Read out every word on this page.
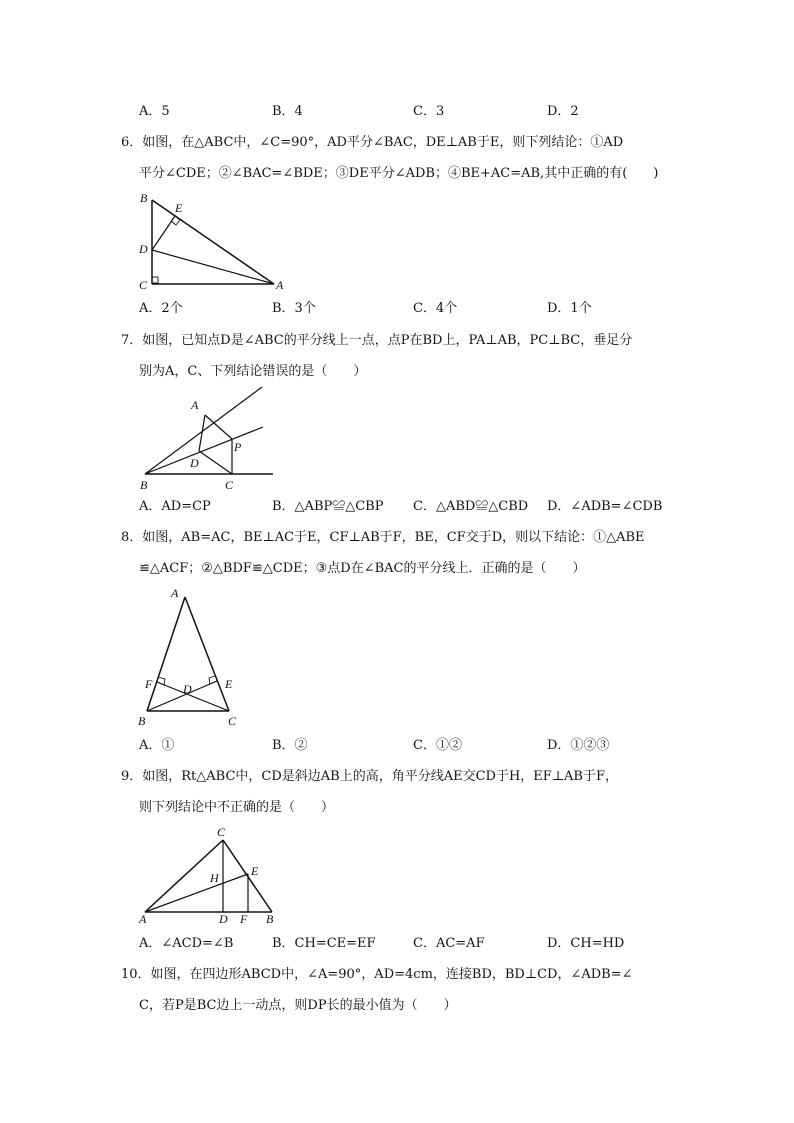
A．5	B．4	C．3	D．2
6．如图，在△ABC中，∠C=90°，AD平分∠BAC，DE⊥AB于E，则下列结论：①AD
平分∠CDE；②∠BAC=∠BDE；③DE平分∠ADB；④BE+AC=AB,其中正确的有(　　)
B
E
D
C	A
A．2个	B．3个	C．4个	D．1个
7．如图，已知点D是∠ABC的平分线上一点，点P在BD上，PA⊥AB，PC⊥BC，垂足分
别为A，C、下列结论错误的是（　　）
A
P
D
B	C
A．AD=CP	B．△ABP≌△CBP C．△ABD≌△CBD D．∠ADB=∠CDB
8．如图，AB=AC，BE⊥AC于E，CF⊥AB于F，BE，CF交于D，则以下结论：①△ABE
≌△ACF；②△BDF≌△CDE；③点D在∠BAC的平分线上．正确的是（　　）
A
F	D	E
B	C
A．①	B．②	C．①②	D．①②③
9．如图，Rt△ABC中，CD是斜边AB上的高，角平分线AE交CD于H，EF⊥AB于F，
则下列结论中不正确的是（　　）
C
H	E
A	D F B
A．∠ACD=∠B	B．CH=CE=EF	C．AC=AF	D．CH=HD
10．如图，在四边形ABCD中，∠A=90°，AD=4cm，连接BD，BD⊥CD，∠ADB=∠
C，若P是BC边上一动点，则DP长的最小值为（　　）
